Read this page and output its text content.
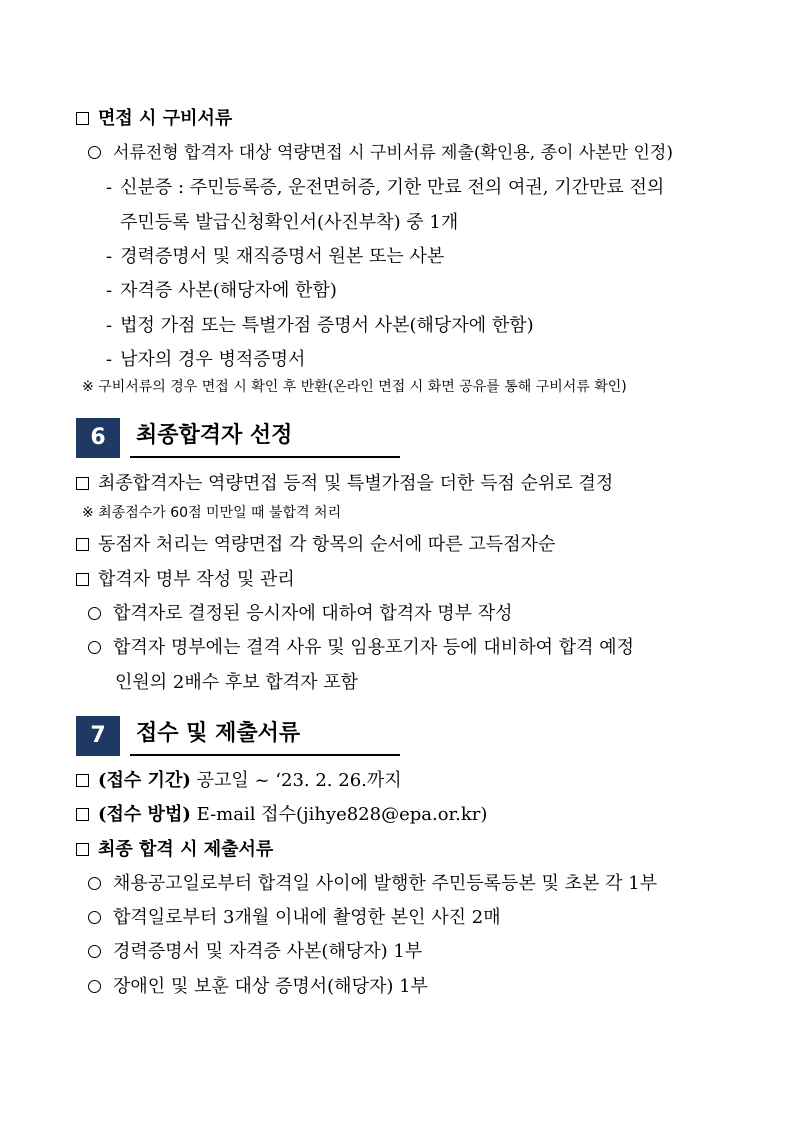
면접 시 구비서류
서류전형 합격자 대상 역량면접 시 구비서류 제출(확인용, 종이 사본만 인정)
- 신분증 : 주민등록증, 운전면허증, 기한 만료 전의 여권, 기간만료 전의
주민등록 발급신청확인서(사진부착) 중 1개
- 경력증명서 및 재직증명서 원본 또는 사본
- 자격증 사본(해당자에 한함)
- 법정 가점 또는 특별가점 증명서 사본(해당자에 한함)
- 남자의 경우 병적증명서
※ 구비서류의 경우 면접 시 확인 후 반환(온라인 면접 시 화면 공유를 통해 구비서류 확인)
6	최종합격자 선정
최종합격자는 역량면접 등적 및 특별가점을 더한 득점 순위로 결정
※ 최종점수가 60점 미만일 때 불합격 처리
동점자 처리는 역량면접 각 항목의 순서에 따른 고득점자순
합격자 명부 작성 및 관리
합격자로 결정된 응시자에 대하여 합격자 명부 작성
합격자 명부에는 결격 사유 및 임용포기자 등에 대비하여 합격 예정
인원의 2배수 후보 합격자 포함
7	접수 및 제출서류
(접수 기간) 공고일 ~ ‘23. 2. 26.까지
(접수 방법) E-mail 접수(jihye828@epa.or.kr)
최종 합격 시 제출서류
채용공고일로부터 합격일 사이에 발행한 주민등록등본 및 초본 각 1부
합격일로부터 3개월 이내에 촬영한 본인 사진 2매
경력증명서 및 자격증 사본(해당자) 1부
장애인 및 보훈 대상 증명서(해당자) 1부
